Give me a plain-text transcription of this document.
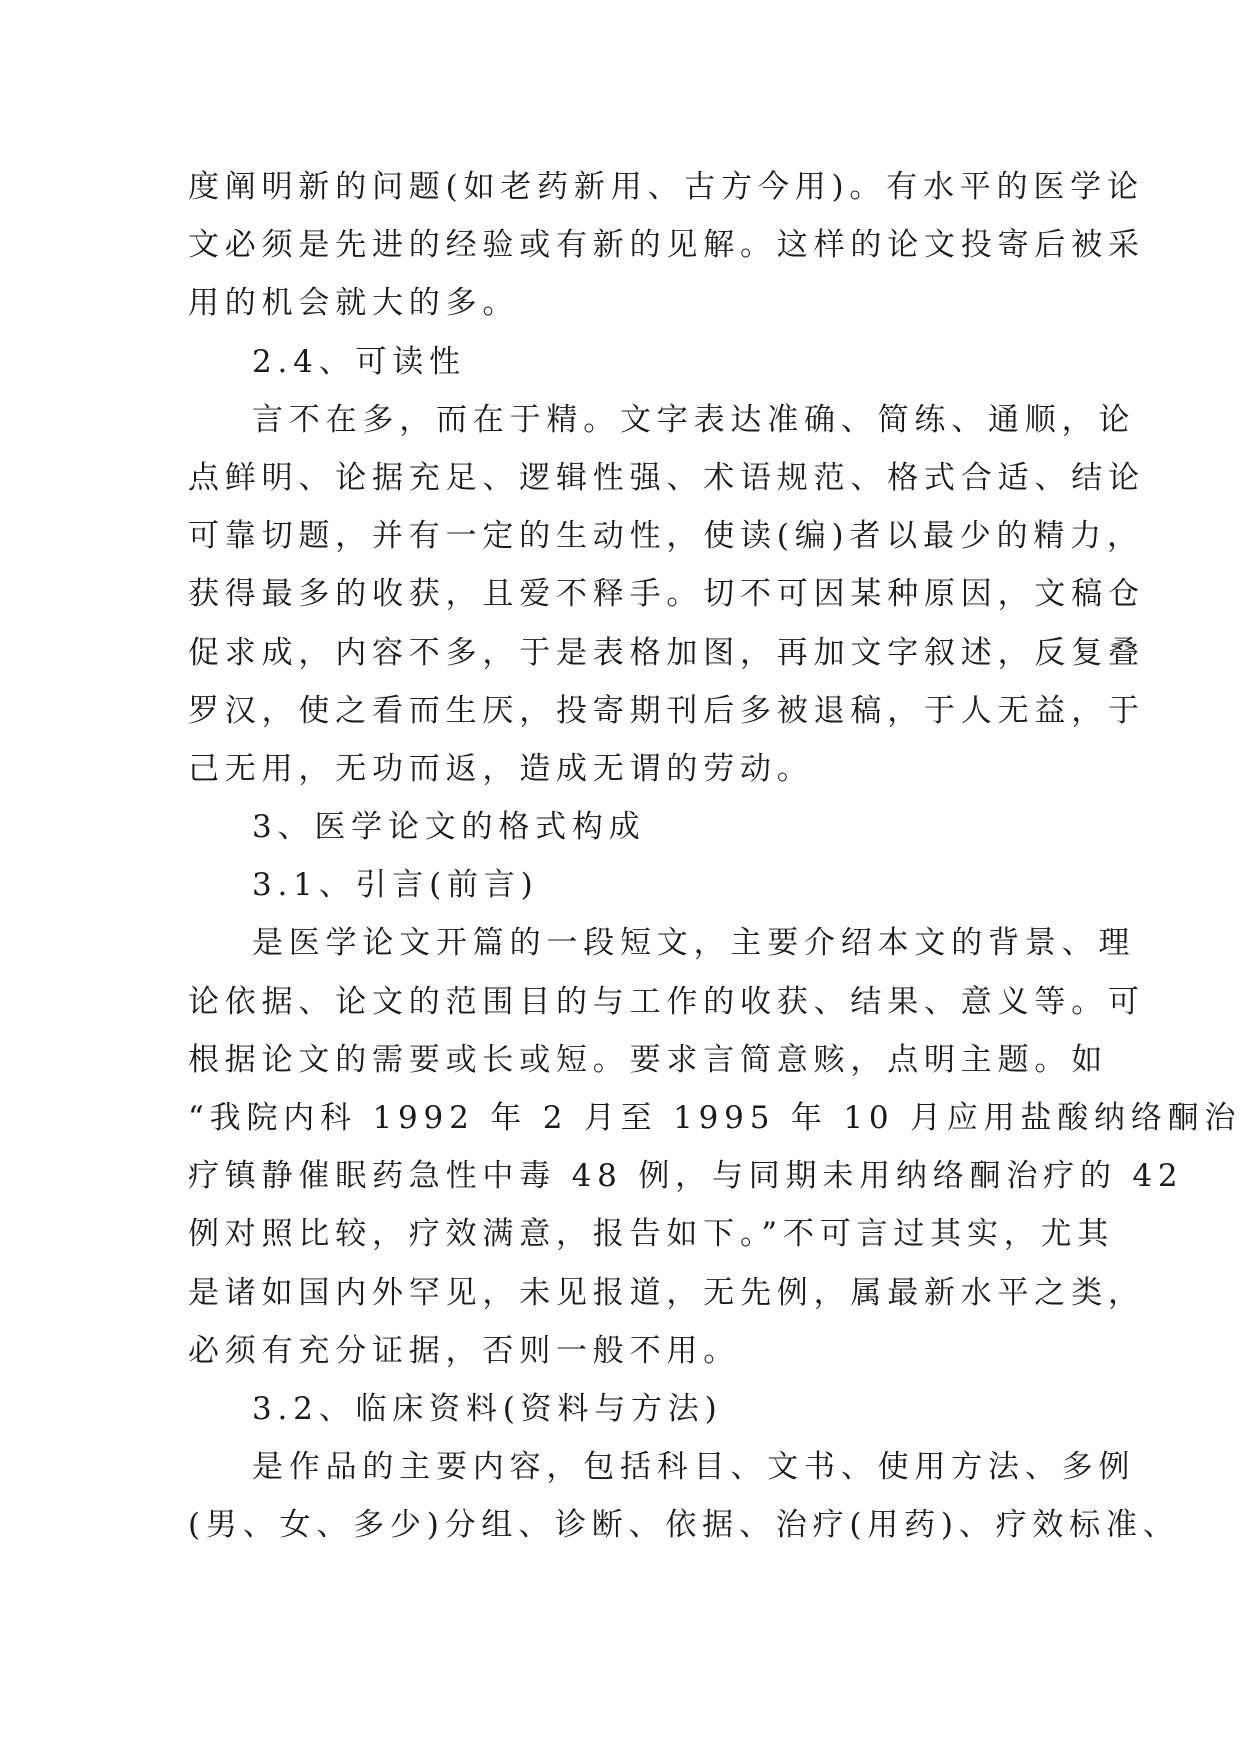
度阐明新的问题(如老药新用、古方今用)。有水平的医学论
文必须是先进的经验或有新的见解。这样的论文投寄后被采
用的机会就大的多。
2.4、可读性
言不在多，而在于精。文字表达准确、简练、通顺，论
点鲜明、论据充足、逻辑性强、术语规范、格式合适、结论
可靠切题，并有一定的生动性，使读(编)者以最少的精力，
获得最多的收获，且爱不释手。切不可因某种原因，文稿仓
促求成，内容不多，于是表格加图，再加文字叙述，反复叠
罗汉，使之看而生厌，投寄期刊后多被退稿，于人无益，于
己无用，无功而返，造成无谓的劳动。
3、医学论文的格式构成
3.1、引言(前言)
是医学论文开篇的一段短文，主要介绍本文的背景、理
论依据、论文的范围目的与工作的收获、结果、意义等。可
根据论文的需要或长或短。要求言简意赅，点明主题。如
“我院内科 1992 年 2 月至 1995 年 10 月应用盐酸纳络酮治
疗镇静催眠药急性中毒 48 例，与同期未用纳络酮治疗的 42
例对照比较，疗效满意，报告如下。”不可言过其实，尤其
是诸如国内外罕见，未见报道，无先例，属最新水平之类，
必须有充分证据，否则一般不用。
3.2、临床资料(资料与方法)
是作品的主要内容，包括科目、文书、使用方法、多例
(男、女、多少)分组、诊断、依据、治疗(用药)、疗效标准、
